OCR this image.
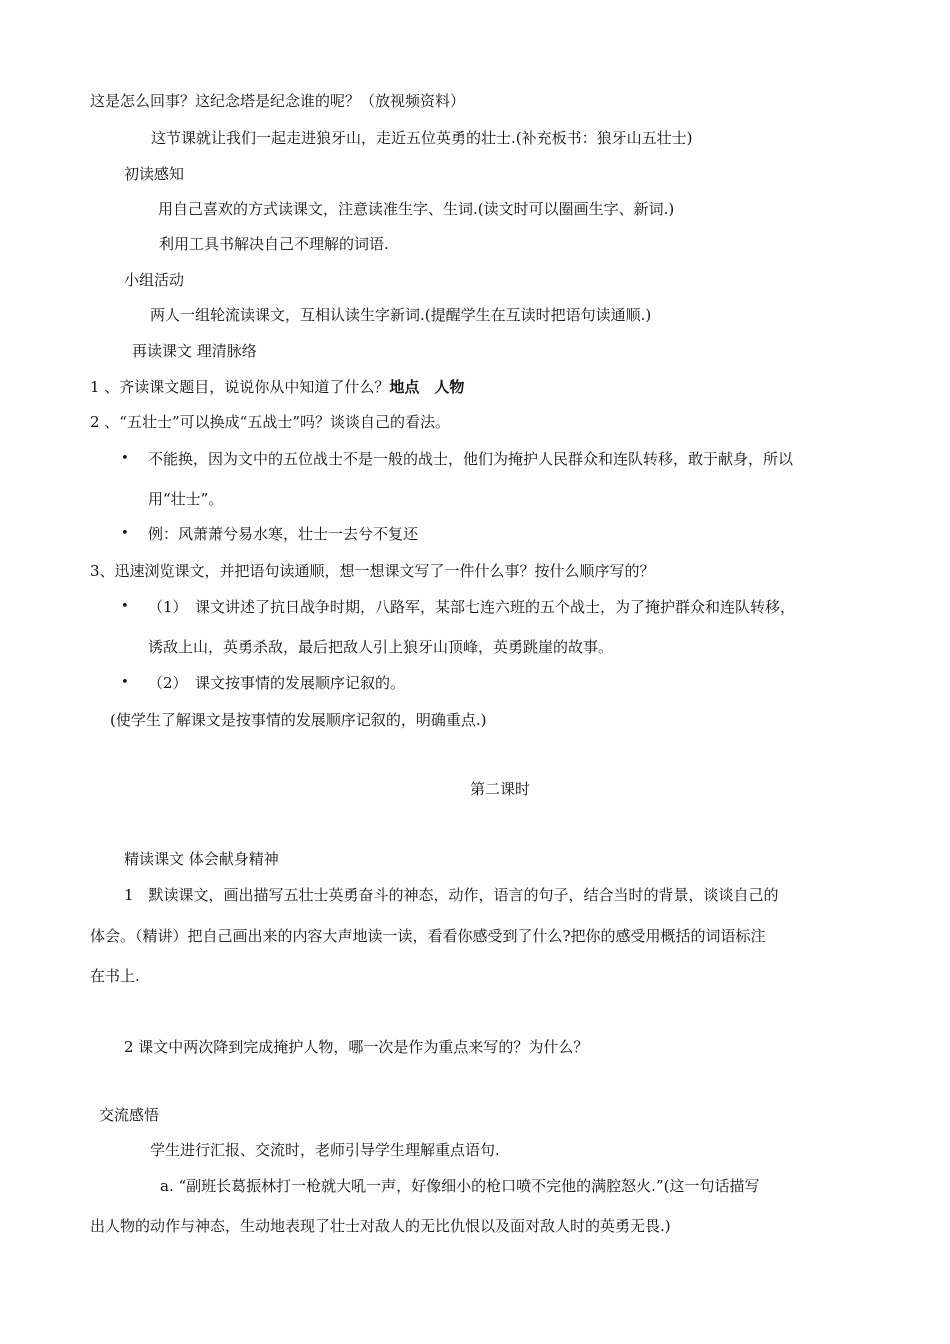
这是怎么回事？这纪念塔是纪念谁的呢？（放视频资料）
这节课就让我们一起走进狼牙山，走近五位英勇的壮士.(补充板书：狼牙山五壮士)
初读感知
用自己喜欢的方式读课文，注意读准生字、生词.(读文时可以圈画生字、新词.)
利用工具书解决自己不理解的词语.
小组活动
两人一组轮流读课文，互相认读生字新词.(提醒学生在互读时把语句读通顺.)
再读课文 理清脉络
1 、齐读课文题目，说说你从中知道了什么？地点　人物
2 、“五壮士”可以换成“五战士”吗？谈谈自己的看法。
• 不能换，因为文中的五位战士不是一般的战士，他们为掩护人民群众和连队转移，敢于献身，所以
用“壮士”。
• 例：风萧萧兮易水寒，壮士一去兮不复还
3、迅速浏览课文，并把语句读通顺，想一想课文写了一件什么事？按什么顺序写的？
• （1）　课文讲述了抗日战争时期，八路军，某部七连六班的五个战士，为了掩护群众和连队转移，
诱敌上山，英勇杀敌，最后把敌人引上狼牙山顶峰，英勇跳崖的故事。
• （2）　课文按事情的发展顺序记叙的。
(使学生了解课文是按事情的发展顺序记叙的，明确重点.)
第二课时
精读课文 体会献身精神
1　默读课文，画出描写五壮士英勇奋斗的神态，动作，语言的句子，结合当时的背景，谈谈自己的
体会。（精讲）把自己画出来的内容大声地读一读，看看你感受到了什么?把你的感受用概括的词语标注
在书上.
2 课文中两次降到完成掩护人物，哪一次是作为重点来写的？为什么？
交流感悟
学生进行汇报、交流时，老师引导学生理解重点语句.
a. “副班长葛振林打一枪就大吼一声，好像细小的枪口喷不完他的满腔怒火.”(这一句话描写
出人物的动作与神态，生动地表现了壮士对敌人的无比仇恨以及面对敌人时的英勇无畏.)
